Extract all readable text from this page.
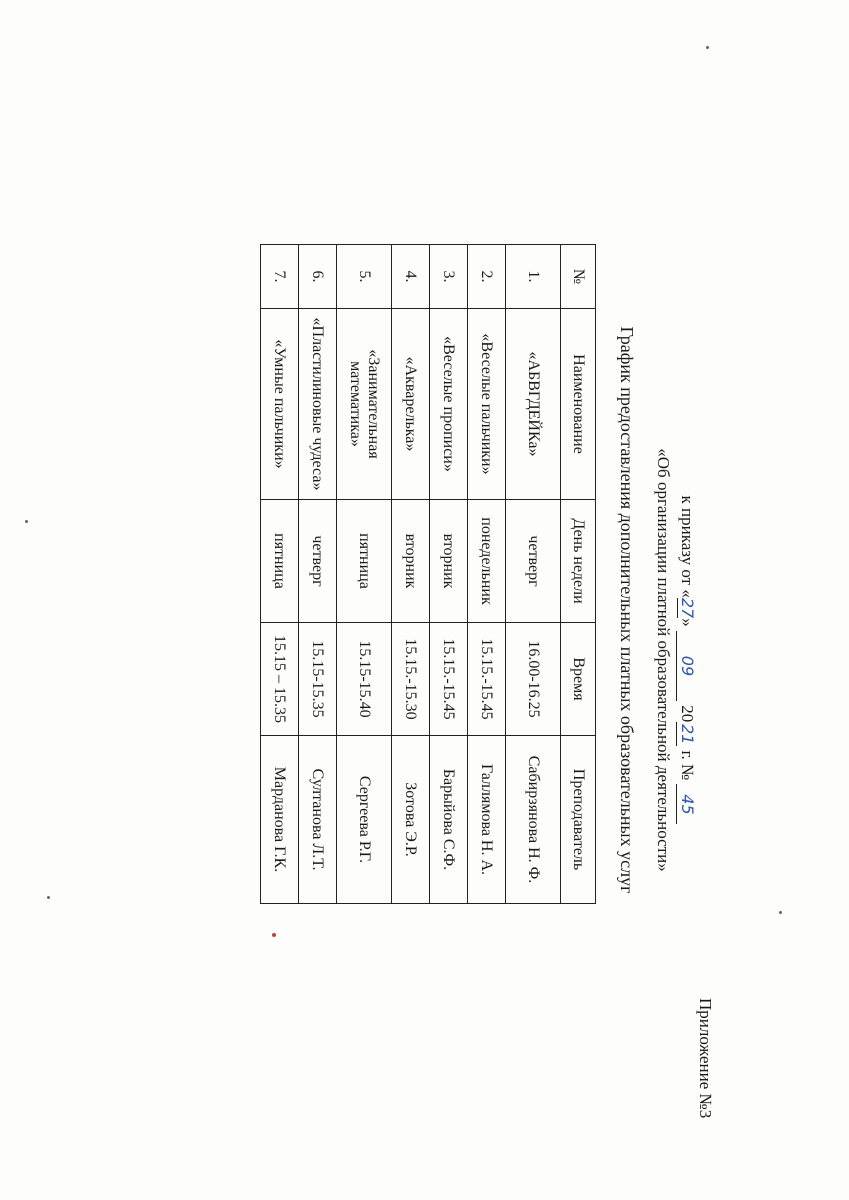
Приложение №3
к приказу от «27» 09 2021 г. № 45
«Об организации платной образовательной деятельности»
График предоставления дополнительных платных образовательных услуг
№	Наименование	День недели	Время	Преподаватель
1.	«АБВГДЕЙКа»	четверг	16.00-16.25	Сабирзянова Н. Ф.
2.	«Веселые пальчики»	понедельник	15.15.-15.45	Галлямова Н. А.
3.	«Веселые прописи»	вторник	15.15.-15.45	Барыйова С.Ф.
4.	«Акварелька»	вторник	15.15.-15.30	Зотова Э.Р.
5.	«Занимательная математика»	пятница	15.15-15.40	Сергеева Р.Г.
6.	«Пластилиновые чудеса»	четверг	15.15-15.35	Султанова Л.Т.
7.	«Умные пальчики»	пятница	15.15 – 15.35	Марданова Г.К.
